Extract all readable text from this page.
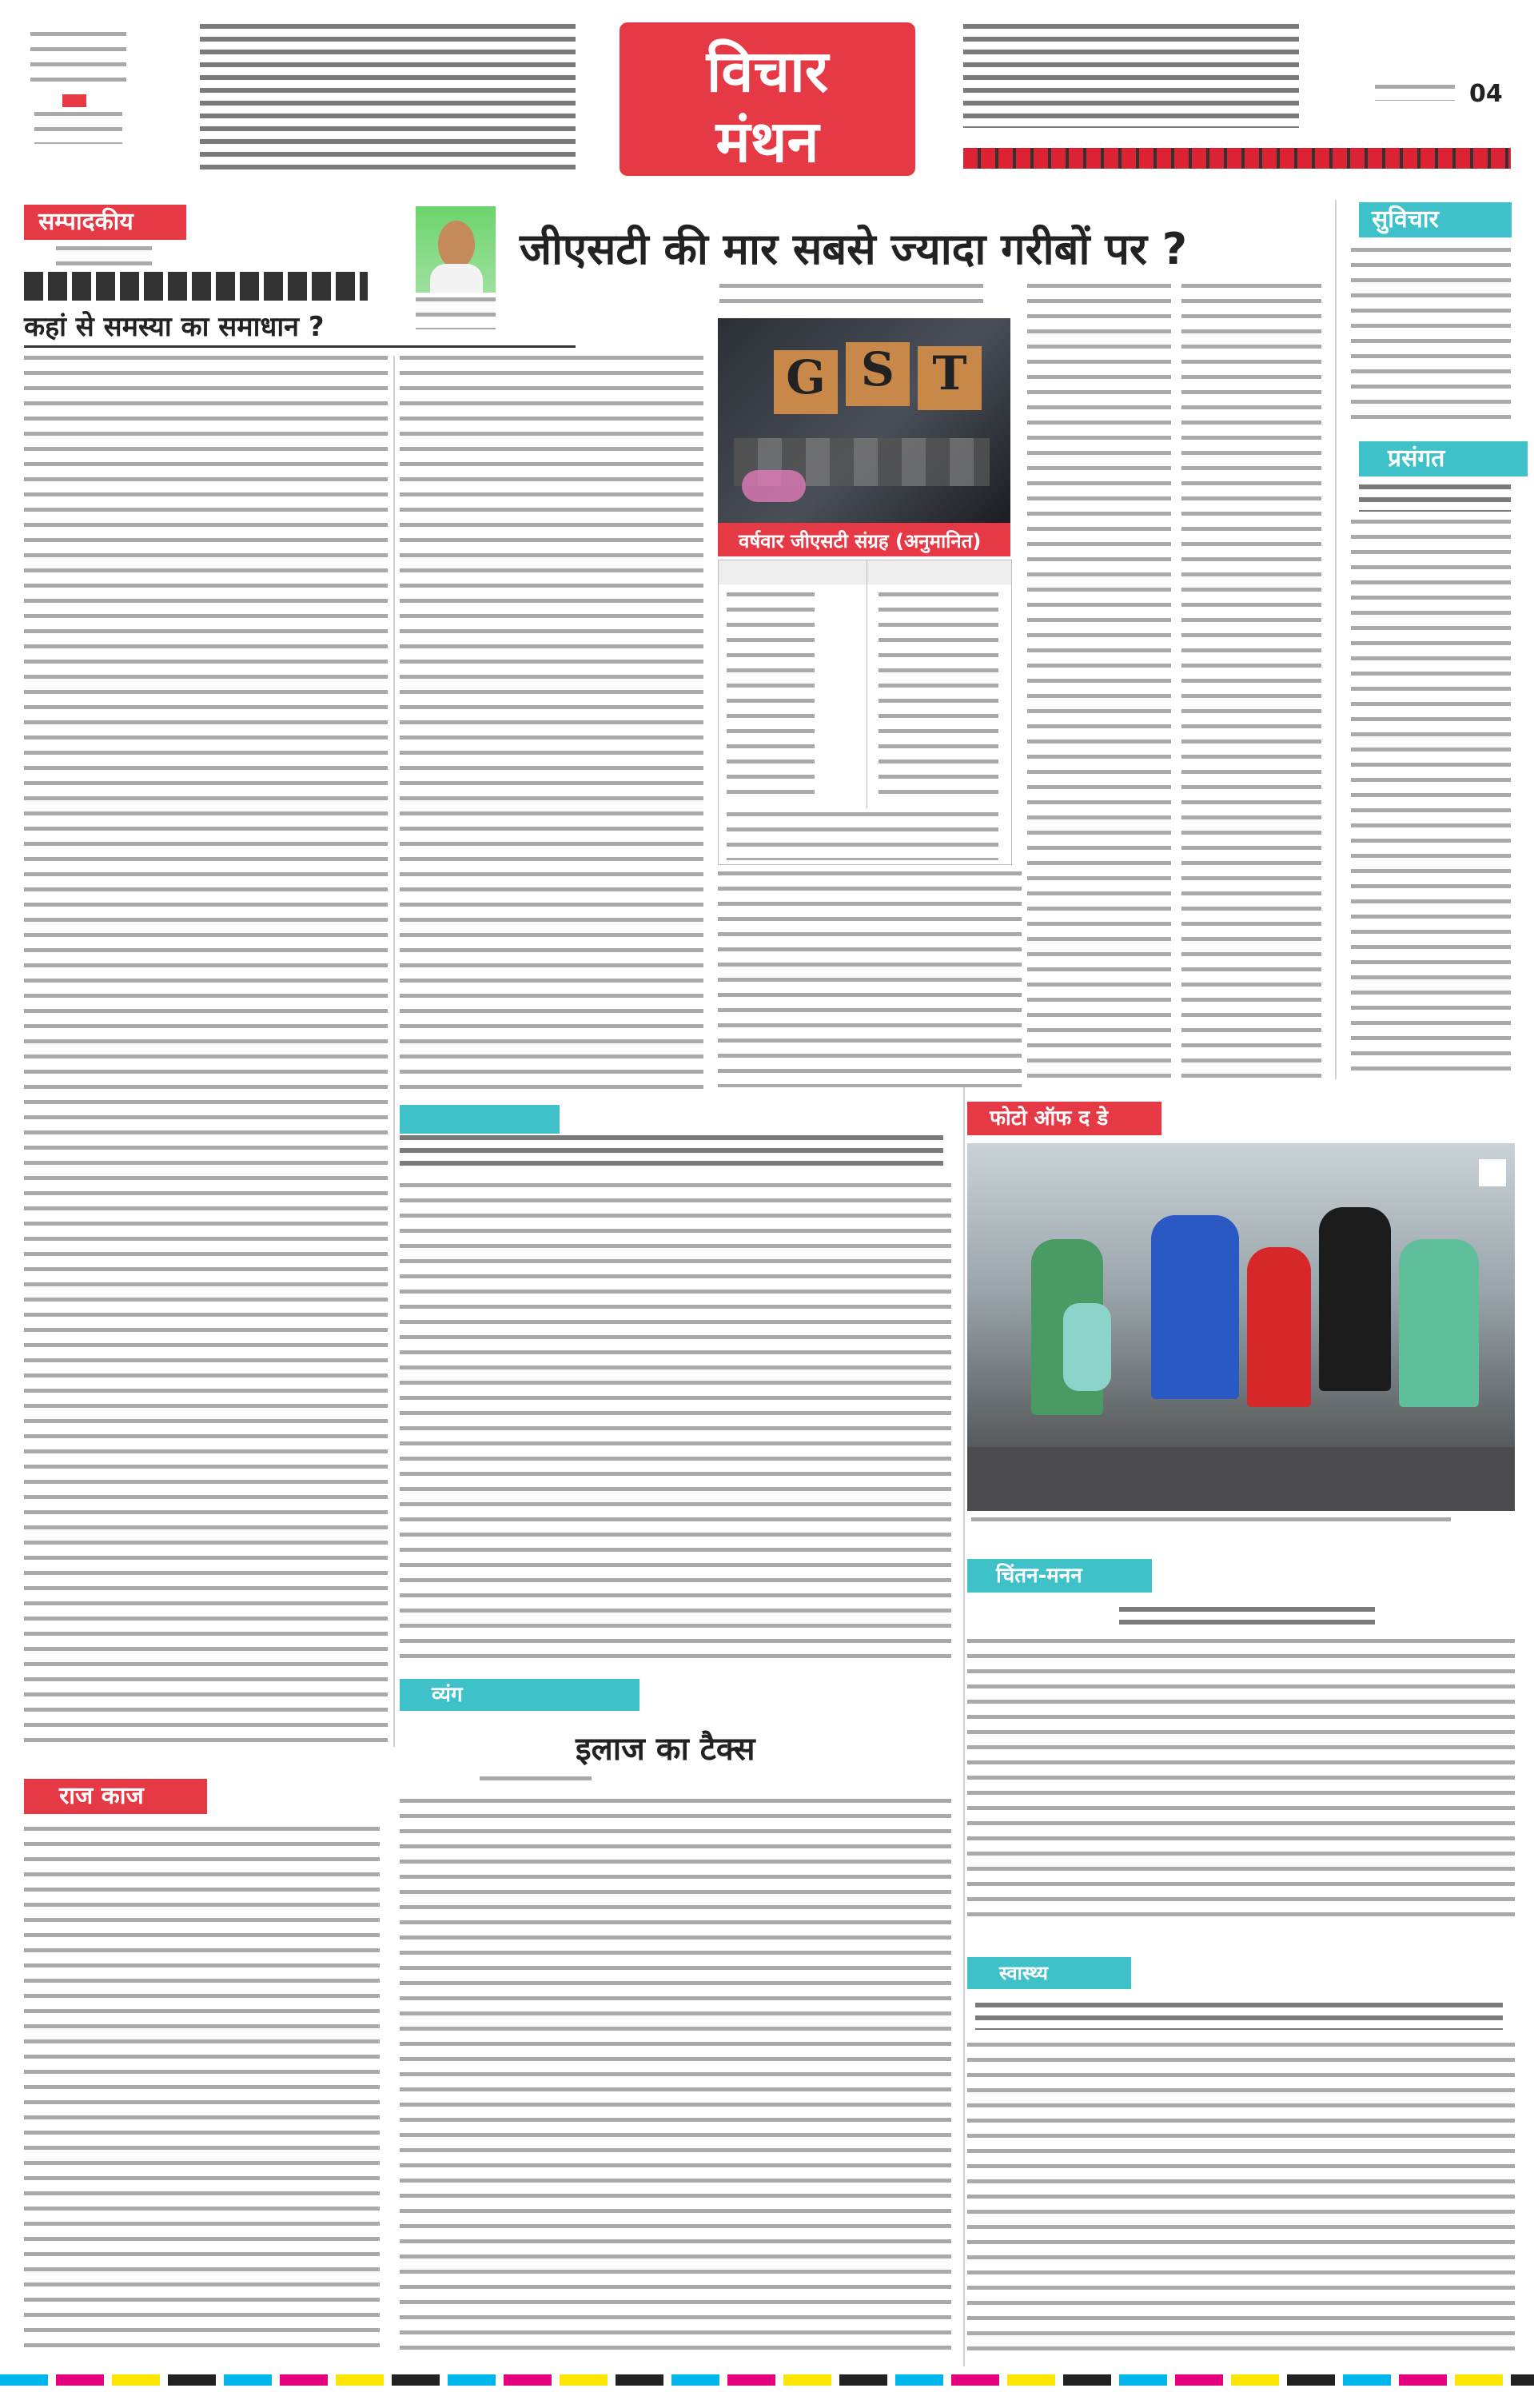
विचार
मंथन
04
सम्पादकीय
कहां से समस्या का समाधान ?
जीएसटी की मार सबसे ज्यादा गरीबों पर ?
G S T
वर्षवार जीएसटी संग्रह (अनुमानित)
सुविचार
प्रसंगत
फोटो ऑफ द डे
चिंतन-मनन
स्वास्थ्य
व्यंग
इलाज का टैक्स
राज काज
